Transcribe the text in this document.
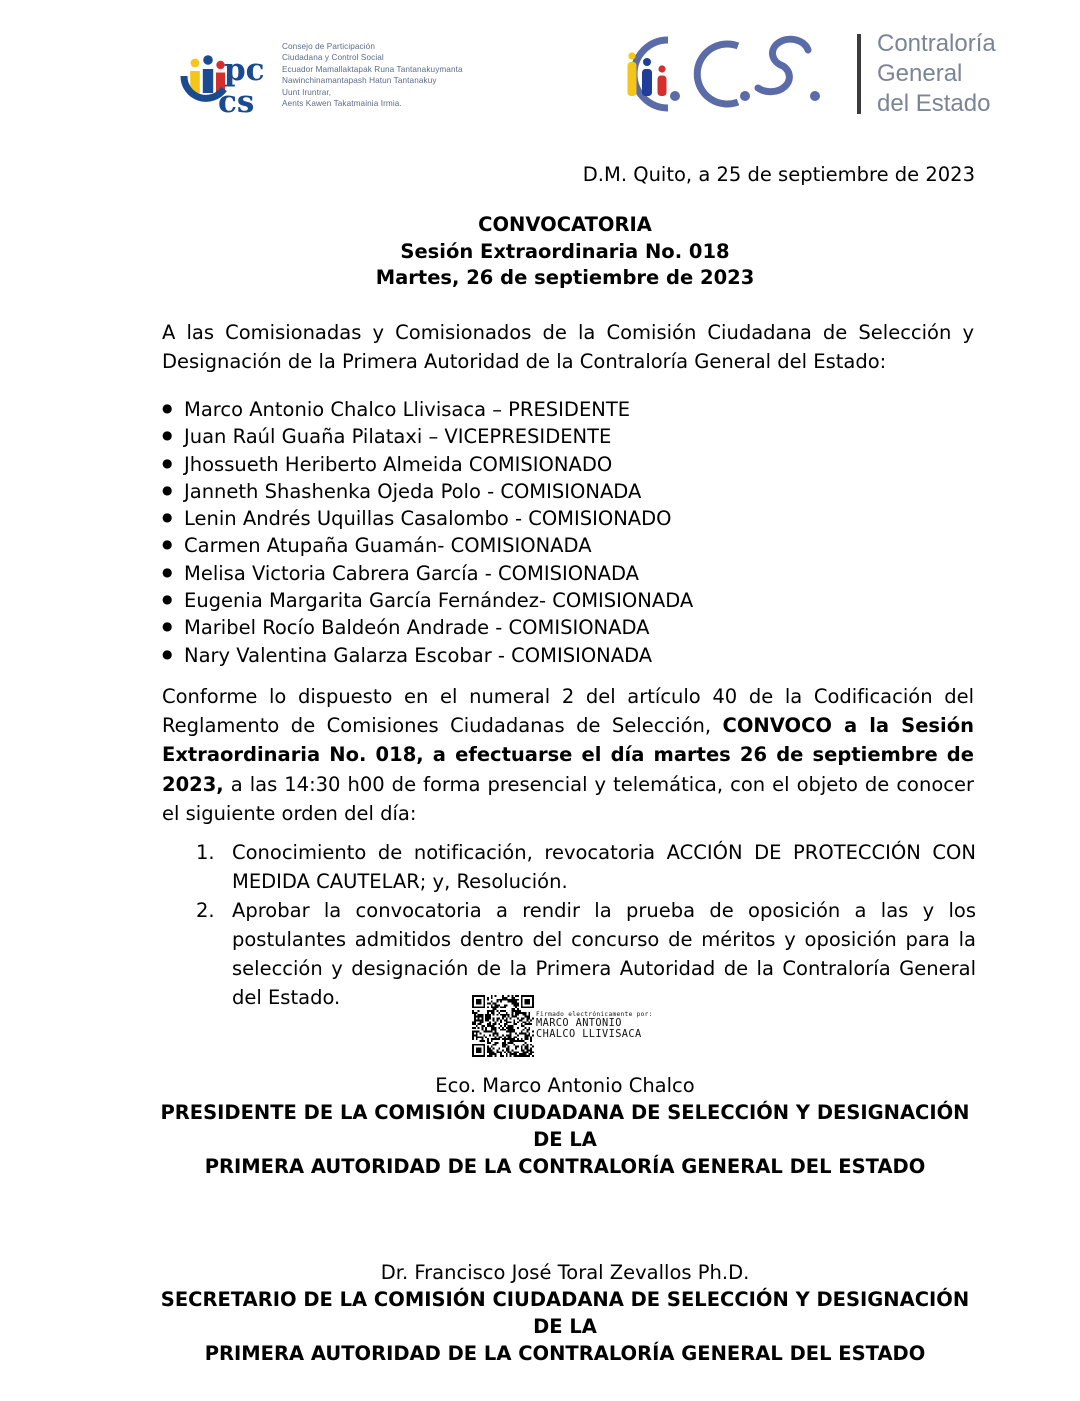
pc
cs
Consejo de Participación
Ciudadana y Control Social
Ecuador Mamallaktapak Runa Tantanakuymanta
Nawinchinamantapash Hatun Tantanakuy
Uunt Iruntrar,
Aents Kawen Takatmainia Irmia.
Contraloría
General
del Estado
D.M. Quito, a 25 de septiembre de 2023
CONVOCATORIA
Sesión Extraordinaria No. 018
Martes, 26 de septiembre de 2023
A las Comisionadas y Comisionados de la Comisión Ciudadana de Selección y Designación de la Primera Autoridad de la Contraloría General del Estado:
● Marco Antonio Chalco Llivisaca – PRESIDENTE
● Juan Raúl Guaña Pilataxi – VICEPRESIDENTE
● Jhossueth Heriberto Almeida COMISIONADO
● Janneth Shashenka Ojeda Polo - COMISIONADA
● Lenin Andrés Uquillas Casalombo - COMISIONADO
● Carmen Atupaña Guamán- COMISIONADA
● Melisa Victoria Cabrera García - COMISIONADA
● Eugenia Margarita García Fernández- COMISIONADA
● Maribel Rocío Baldeón Andrade - COMISIONADA
● Nary Valentina Galarza Escobar - COMISIONADA
Conforme lo dispuesto en el numeral 2 del artículo 40 de la Codificación del Reglamento de Comisiones Ciudadanas de Selección, CONVOCO a la Sesión Extraordinaria No. 018, a efectuarse el día martes 26 de septiembre de 2023, a las 14:30 h00 de forma presencial y telemática, con el objeto de conocer el siguiente orden del día:
Conocimiento de notificación, revocatoria ACCIÓN DE PROTECCIÓN CON MEDIDA CAUTELAR; y, Resolución.
Aprobar la convocatoria a rendir la prueba de oposición a las y los postulantes admitidos dentro del concurso de méritos y oposición para la selección y designación de la Primera Autoridad de la Contraloría General del Estado.
Firmado electrónicamente por:
MARCO ANTONIO
CHALCO LLIVISACA
Eco. Marco Antonio Chalco
PRESIDENTE DE LA COMISIÓN CIUDADANA DE SELECCIÓN Y DESIGNACIÓN DE LA
PRIMERA AUTORIDAD DE LA CONTRALORÍA GENERAL DEL ESTADO
Dr. Francisco José Toral Zevallos Ph.D.
SECRETARIO DE LA COMISIÓN CIUDADANA DE SELECCIÓN Y DESIGNACIÓN DE LA
PRIMERA AUTORIDAD DE LA CONTRALORÍA GENERAL DEL ESTADO
